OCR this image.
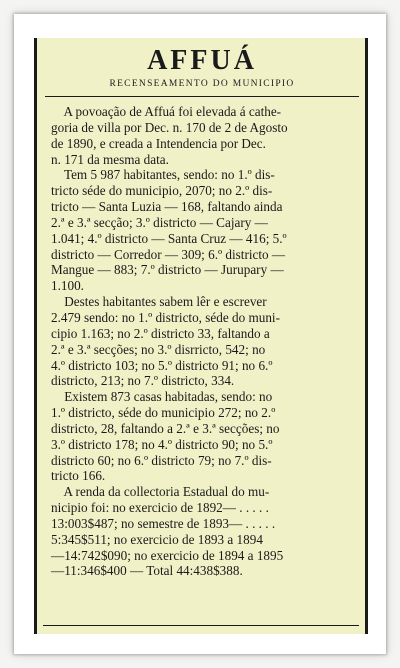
AFFUÁ
RECENSEAMENTO DO MUNICIPIO
A povoação de Affuá foi elevada á cathe-
goria de villa por Dec. n. 170 de 2 de Agosto
de 1890, e creada a Intendencia por Dec.
n. 171 da mesma data.
Tem 5 987 habitantes, sendo: no 1.º dis-
tricto séde do municipio, 2070; no 2.º dis-
tricto — Santa Luzia — 168, faltando ainda
2.ª e 3.ª secção; 3.º districto — Cajary —
1.041; 4.º districto — Santa Cruz — 416; 5.º
districto — Corredor — 309; 6.º districto —
Mangue — 883; 7.º districto — Jurupary —
1.100.
Destes habitantes sabem lêr e escrever
2.479 sendo: no 1.º districto, séde do muni-
cipio 1.163; no 2.º districto 33, faltando a
2.ª e 3.ª secções; no 3.º disrricto, 542; no
4.º districto 103; no 5.º districto 91; no 6.º
districto, 213; no 7.º districto, 334.
Existem 873 casas habitadas, sendo: no
1.º districto, séde do municipio 272; no 2.º
districto, 28, faltando a 2.ª e 3.ª secções; no
3.º districto 178; no 4.º districto 90; no 5.º
districto 60; no 6.º districto 79; no 7.º dis-
tricto 166.
A renda da collectoria Estadual do mu-
nicipio foi: no exercicio de 1892— . . . . .
13:003$487; no semestre de 1893— . . . . .
5:345$511; no exercicio de 1893 a 1894
—14:742$090; no exercicio de 1894 a 1895
—11:346$400 — Total 44:438$388.
